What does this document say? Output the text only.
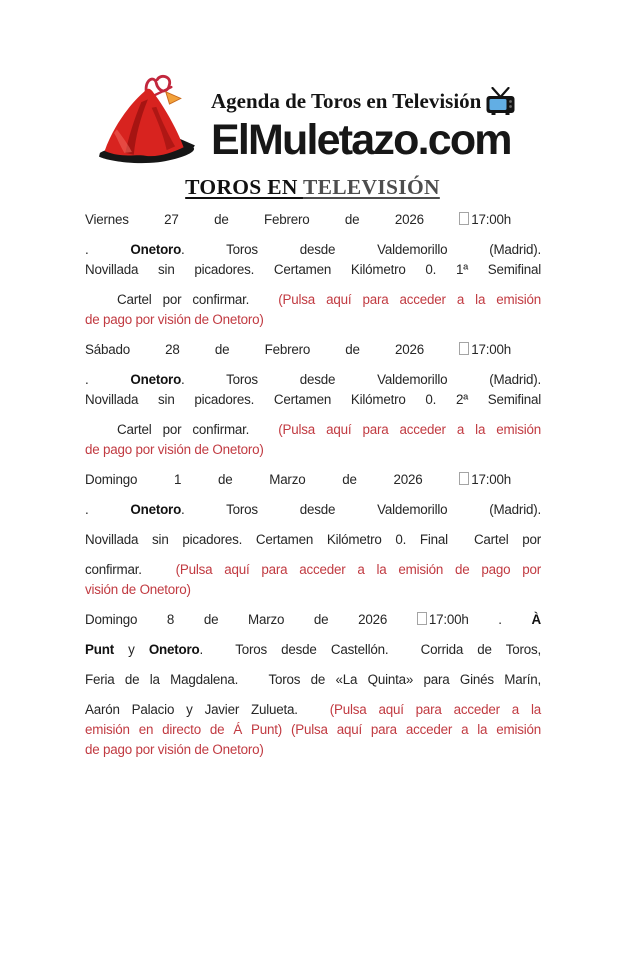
Agenda de Toros en Televisión
ElMuletazo.com
TOROS EN TELEVISIÓN
Viernes 27 de Febrero de 2026 17:00h
. Onetoro. Toros desde Valdemorillo (Madrid).
Novillada sin picadores. Certamen Kilómetro 0. 1ª Semifinal
Cartel por confirmar. (Pulsa aquí para acceder a la emisión
de pago por visión de Onetoro)
Sábado 28 de Febrero de 2026 17:00h
. Onetoro. Toros desde Valdemorillo (Madrid).
Novillada sin picadores. Certamen Kilómetro 0. 2ª Semifinal
Cartel por confirmar. (Pulsa aquí para acceder a la emisión
de pago por visión de Onetoro)
Domingo 1 de Marzo de 2026 17:00h
. Onetoro. Toros desde Valdemorillo (Madrid).
Novillada sin picadores. Certamen Kilómetro 0. Final Cartel por
confirmar. (Pulsa aquí para acceder a la emisión de pago por
visión de Onetoro)
Domingo 8 de Marzo de 2026 17:00h . À
Punt y Onetoro. Toros desde Castellón. Corrida de Toros,
Feria de la Magdalena. Toros de «La Quinta» para Ginés Marín,
Aarón Palacio y Javier Zulueta. (Pulsa aquí para acceder a la
emisión en directo de Á Punt) (Pulsa aquí para acceder a la emisión
de pago por visión de Onetoro)
